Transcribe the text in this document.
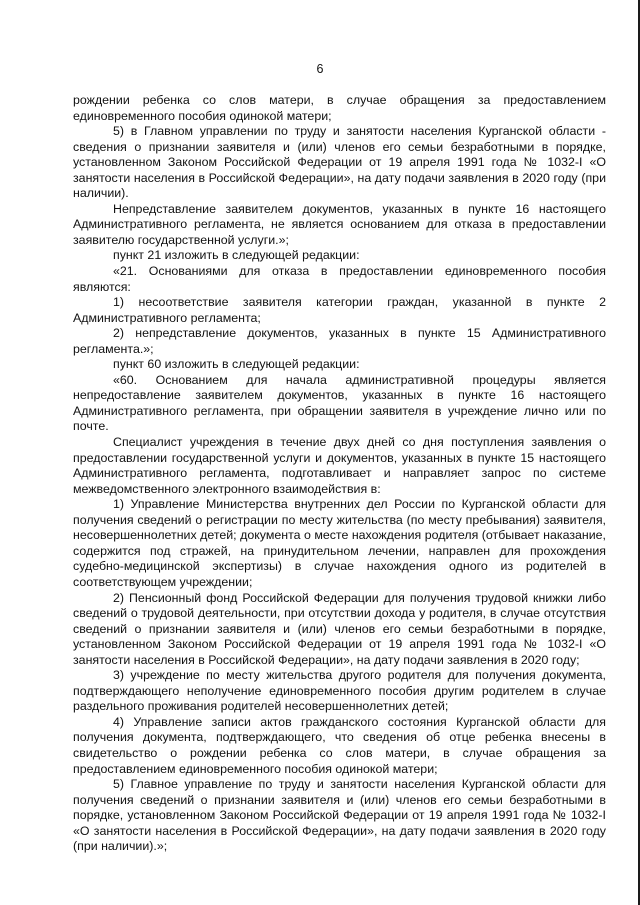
6

рождении ребенка со слов матери, в случае обращения за предоставлением единовременного пособия одинокой матери;

5) в Главном управлении по труду и занятости населения Курганской области - сведения о признании заявителя и (или) членов его семьи безработными в порядке, установленном Законом Российской Федерации от 19 апреля 1991 года № 1032-I «О занятости населения в Российской Федерации», на дату подачи заявления в 2020 году (при наличии).

Непредставление заявителем документов, указанных в пункте 16 настоящего Административного регламента, не является основанием для отказа в предоставлении заявителю государственной услуги.»;

пункт 21 изложить в следующей редакции:

«21. Основаниями для отказа в предоставлении единовременного пособия являются:

1) несоответствие заявителя категории граждан, указанной в пункте 2 Административного регламента;

2) непредставление документов, указанных в пункте 15 Административного регламента.»;

пункт 60 изложить в следующей редакции:

«60. Основанием для начала административной процедуры является непредоставление заявителем документов, указанных в пункте 16 настоящего Административного регламента, при обращении заявителя в учреждение лично или по почте.

Специалист учреждения в течение двух дней со дня поступления заявления о предоставлении государственной услуги и документов, указанных в пункте 15 настоящего Административного регламента, подготавливает и направляет запрос по системе межведомственного электронного взаимодействия в:

1) Управление Министерства внутренних дел России по Курганской области для получения сведений о регистрации по месту жительства (по месту пребывания) заявителя, несовершеннолетних детей; документа о месте нахождения родителя (отбывает наказание, содержится под стражей, на принудительном лечении, направлен для прохождения судебно-медицинской экспертизы) в случае нахождения одного из родителей в соответствующем учреждении;

2) Пенсионный фонд Российской Федерации для получения трудовой книжки либо сведений о трудовой деятельности, при отсутствии дохода у родителя, в случае отсутствия сведений о признании заявителя и (или) членов его семьи безработными в порядке, установленном Законом Российской Федерации от 19 апреля 1991 года № 1032-I «О занятости населения в Российской Федерации», на дату подачи заявления в 2020 году;

3) учреждение по месту жительства другого родителя для получения документа, подтверждающего неполучение единовременного пособия другим родителем в случае раздельного проживания родителей несовершеннолетних детей;

4) Управление записи актов гражданского состояния Курганской области для получения документа, подтверждающего, что сведения об отце ребенка внесены в свидетельство о рождении ребенка со слов матери, в случае обращения за предоставлением единовременного пособия одинокой матери;

5) Главное управление по труду и занятости населения Курганской области для получения сведений о признании заявителя и (или) членов его семьи безработными в порядке, установленном Законом Российской Федерации от 19 апреля 1991 года № 1032-I «О занятости населения в Российской Федерации», на дату подачи заявления в 2020 году (при наличии).»;
